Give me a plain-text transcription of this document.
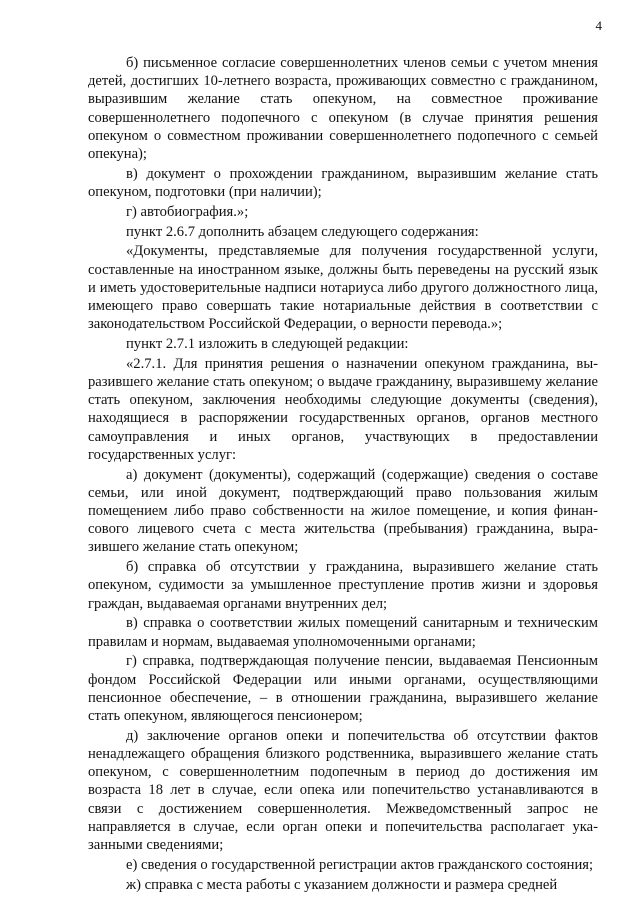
4

б) письменное согласие совершеннолетних членов семьи с учетом мнения детей, достигших 10-летнего возраста, проживающих совместно с гражданином, выразившим желание стать опекуном, на совместное проживание совершеннолетнего подопечного с опекуном (в случае принятия решения опекуном о совместном проживании совершеннолетнего подопечного с семьей опекуна);

в) документ о прохождении гражданином, выразившим желание стать опекуном, подготовки (при наличии);

г) автобиография.»;

пункт 2.6.7 дополнить абзацем следующего содержания:

«Документы, представляемые для получения государственной услуги, составленные на иностранном языке, должны быть переведены на русский язык и иметь удостоверительные надписи нотариуса либо другого должностного лица, имеющего право совершать такие нотариальные действия в соответствии с законодательством Российской Федерации, о верности перевода.»;

пункт 2.7.1 изложить в следующей редакции:

«2.7.1. Для принятия решения о назначении опекуном гражданина, выразившего желание стать опекуном; о выдаче гражданину, выразившему желание стать опекуном, заключения необходимы следующие документы (сведения), находящиеся в распоряжении государственных органов, органов местного самоуправления и иных органов, участвующих в предоставлении государственных услуг:

а) документ (документы), содержащий (содержащие) сведения о составе семьи, или иной документ, подтверждающий право пользования жилым помещением либо право собственности на жилое помещение, и копия финансового лицевого счета с места жительства (пребывания) гражданина, выразившего желание стать опекуном;

б) справка об отсутствии у гражданина, выразившего желание стать опекуном, судимости за умышленное преступление против жизни и здоровья граждан, выдаваемая органами внутренних дел;

в) справка о соответствии жилых помещений санитарным и техническим правилам и нормам, выдаваемая уполномоченными органами;

г) справка, подтверждающая получение пенсии, выдаваемая Пенсионным фондом Российской Федерации или иными органами, осуществляющими пенсионное обеспечение, – в отношении гражданина, выразившего желание стать опекуном, являющегося пенсионером;

д) заключение органов опеки и попечительства об отсутствии фактов ненадлежащего обращения близкого родственника, выразившего желание стать опекуном, с совершеннолетним подопечным в период до достижения им возраста 18 лет в случае, если опека или попечительство устанавливаются в связи с достижением совершеннолетия. Межведомственный запрос не направляется в случае, если орган опеки и попечительства располагает указанными сведениями;

е) сведения о государственной регистрации актов гражданского состояния;

ж) справка с места работы с указанием должности и размера средней
